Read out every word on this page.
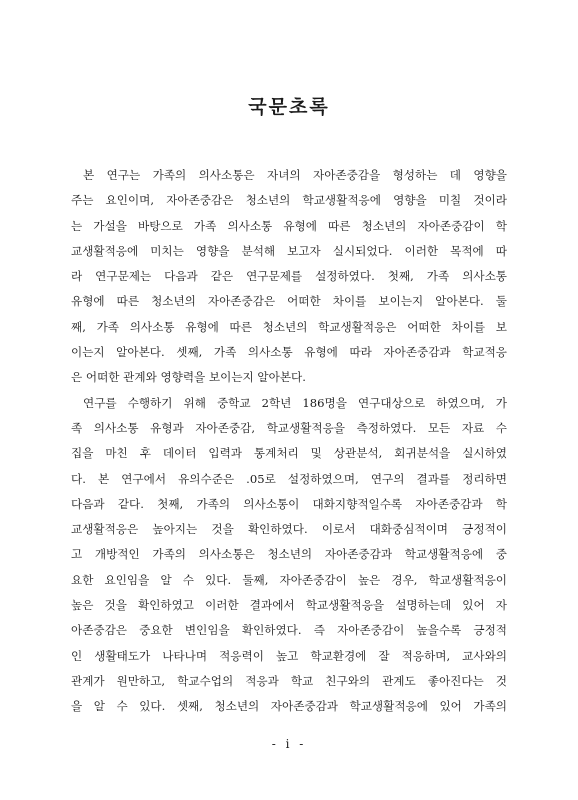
국문초록
본 연구는 가족의 의사소통은 자녀의 자아존중감을 형성하는 데 영향을
주는 요인이며, 자아존중감은 청소년의 학교생활적응에 영향을 미칠 것이라
는 가설을 바탕으로 가족 의사소통 유형에 따른 청소년의 자아존중감이 학
교생활적응에 미치는 영향을 분석해 보고자 실시되었다. 이러한 목적에 따
라 연구문제는 다음과 같은 연구문제를 설정하였다. 첫째, 가족 의사소통
유형에 따른 청소년의 자아존중감은 어떠한 차이를 보이는지 알아본다. 둘
째, 가족 의사소통 유형에 따른 청소년의 학교생활적응은 어떠한 차이를 보
이는지 알아본다. 셋째, 가족 의사소통 유형에 따라 자아존중감과 학교적응
은 어떠한 관계와 영향력을 보이는지 알아본다.
연구를 수행하기 위해 중학교 2학년 186명을 연구대상으로 하였으며, 가
족 의사소통 유형과 자아존중감, 학교생활적응을 측정하였다. 모든 자료 수
집을 마친 후 데이터 입력과 통계처리 및 상관분석, 회귀분석을 실시하였
다. 본 연구에서 유의수준은 .05로 설정하였으며, 연구의 결과를 정리하면
다음과 같다. 첫째, 가족의 의사소통이 대화지향적일수록 자아존중감과 학
교생활적응은 높아지는 것을 확인하였다. 이로서 대화중심적이며 긍정적이
고 개방적인 가족의 의사소통은 청소년의 자아존중감과 학교생활적응에 중
요한 요인임을 알 수 있다. 둘째, 자아존중감이 높은 경우, 학교생활적응이
높은 것을 확인하였고 이러한 결과에서 학교생활적응을 설명하는데 있어 자
아존중감은 중요한 변인임을 확인하였다. 즉 자아존중감이 높을수록 긍정적
인 생활태도가 나타나며 적응력이 높고 학교환경에 잘 적응하며, 교사와의
관계가 원만하고, 학교수업의 적응과 학교 친구와의 관계도 좋아진다는 것
을 알 수 있다. 셋째, 청소년의 자아존중감과 학교생활적응에 있어 가족의
- i -
